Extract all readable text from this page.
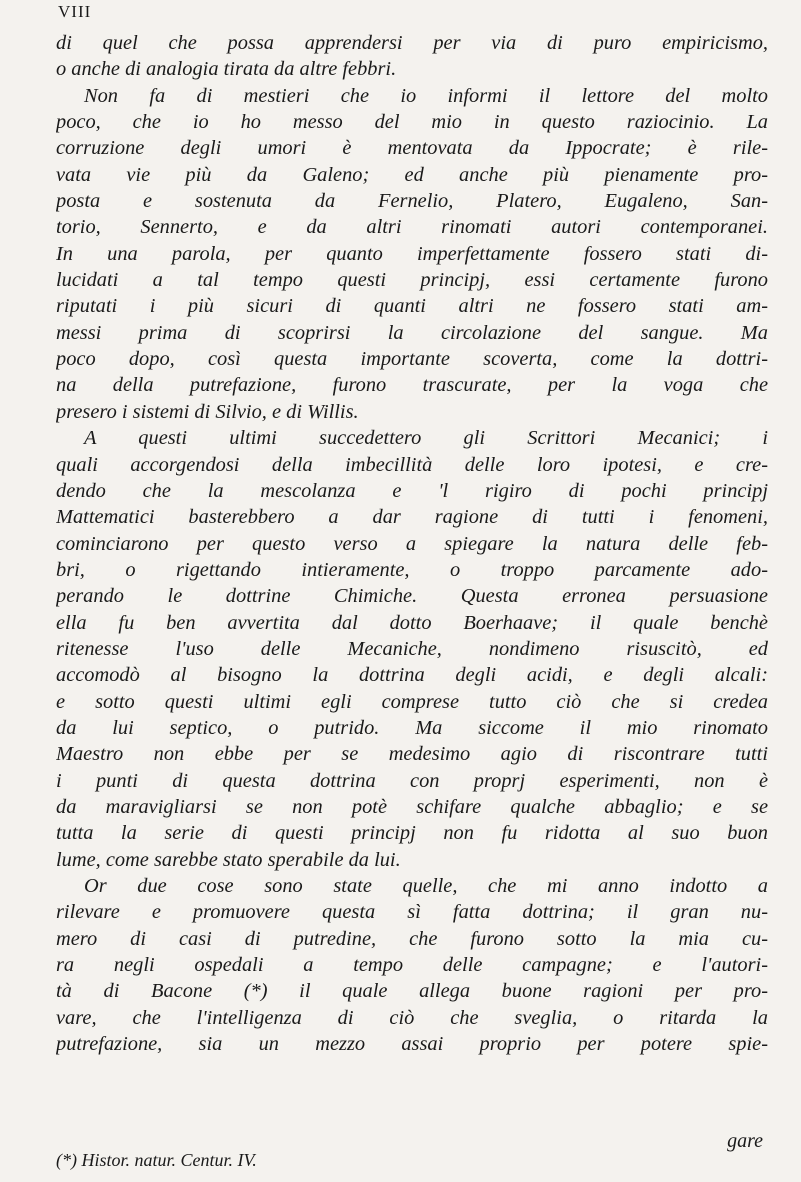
VIII
di quel che possa apprendersi per via di puro empiricismo,
o anche di analogia tirata da altre febbri.
Non fa di mestieri che io informi il lettore del molto
poco, che io ho messo del mio in questo raziocinio. La
corruzione degli umori è mentovata da Ippocrate; è rile-
vata vie più da Galeno; ed anche più pienamente pro-
posta e sostenuta da Fernelio, Platero, Eugaleno, San-
torio, Sennerto, e da altri rinomati autori contemporanei.
In una parola, per quanto imperfettamente fossero stati di-
lucidati a tal tempo questi principj, essi certamente furono
riputati i più sicuri di quanti altri ne fossero stati am-
messi prima di scoprirsi la circolazione del sangue. Ma
poco dopo, così questa importante scoverta, come la dottri-
na della putrefazione, furono trascurate, per la voga che
presero i sistemi di Silvio, e di Willis.
A questi ultimi succedettero gli Scrittori Mecanici; i
quali accorgendosi della imbecillità delle loro ipotesi, e cre-
dendo che la mescolanza e 'l rigiro di pochi principj
Mattematici basterebbero a dar ragione di tutti i fenomeni,
cominciarono per questo verso a spiegare la natura delle feb-
bri, o rigettando intieramente, o troppo parcamente ado-
perando le dottrine Chimiche. Questa erronea persuasione
ella fu ben avvertita dal dotto Boerhaave; il quale benchè
ritenesse l'uso delle Mecaniche, nondimeno risuscitò, ed
accomodò al bisogno la dottrina degli acidi, e degli alcali:
e sotto questi ultimi egli comprese tutto ciò che si credea
da lui septico, o putrido. Ma siccome il mio rinomato
Maestro non ebbe per se medesimo agio di riscontrare tutti
i punti di questa dottrina con proprj esperimenti, non è
da maravigliarsi se non potè schifare qualche abbaglio; e se
tutta la serie di questi principj non fu ridotta al suo buon
lume, come sarebbe stato sperabile da lui.
Or due cose sono state quelle, che mi anno indotto a
rilevare e promuovere questa sì fatta dottrina; il gran nu-
mero di casi di putredine, che furono sotto la mia cu-
ra negli ospedali a tempo delle campagne; e l'autori-
tà di Bacone (*) il quale allega buone ragioni per pro-
vare, che l'intelligenza di ciò che sveglia, o ritarda la
putrefazione, sia un mezzo assai proprio per potere spie-
gare
(*) Histor. natur. Centur. IV.
